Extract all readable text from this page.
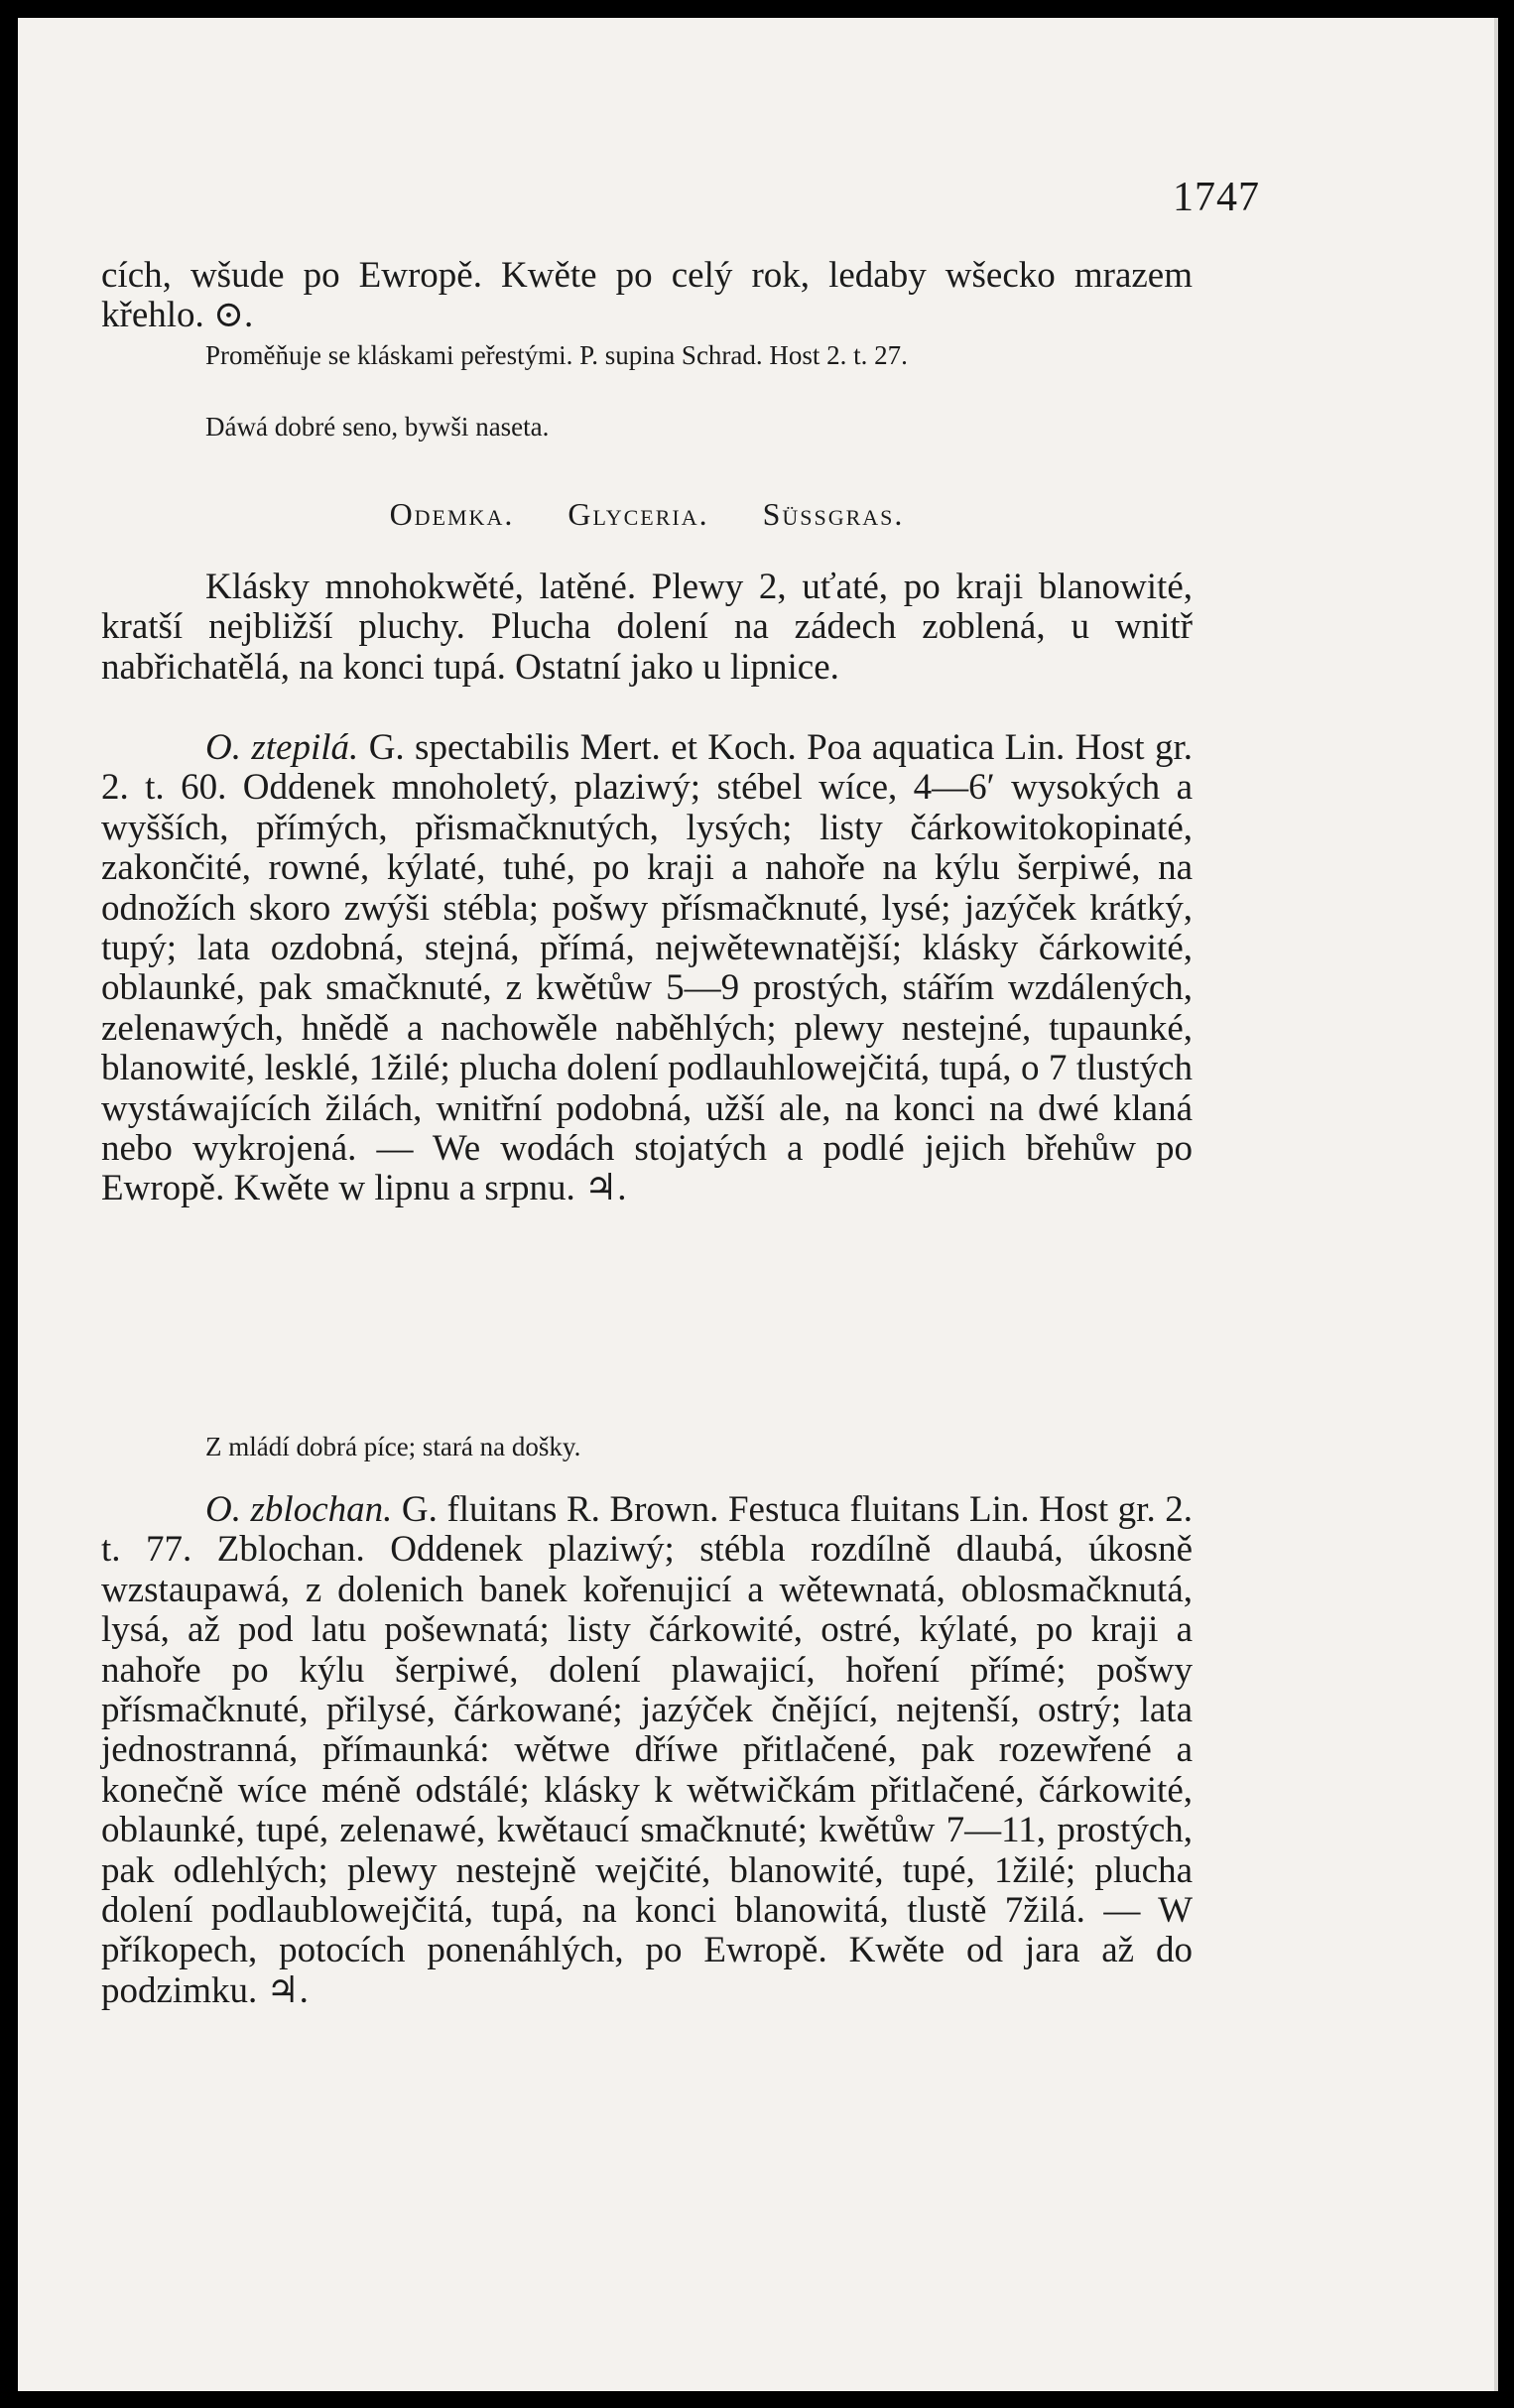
1747

cích, wšude po Ewropě. Kwěte po celý rok, ledaby wšecko mrazem křehlo. ⊙.

Proměňuje se kláskami peřestými. P. supina Schrad. Host 2. t. 27.

Dáwá dobré seno, bywši naseta.

Odemka. Glyceria. Süssgras.

Klásky mnohokwěté, latěné. Plewy 2, uťaté, po kraji blanowité, kratší nejbližší pluchy. Plucha dolení na zádech zoblená, u wnitř nabřichatělá, na konci tupá. Ostatní jako u lipnice.

O. ztepilá. G. spectabilis Mert. et Koch. Poa aquatica Lin. Host gr. 2. t. 60. Oddenek mnoholetý, plaziwý; stébel wíce, 4—6′ wysokých a wyšších, přímých, přismačknutých, lysých; listy čárkowitokopinaté, zakončité, rowné, kýlaté, tuhé, po kraji a nahoře na kýlu šerpiwé, na odnožích skoro zwýši stébla; pošwy přísmačknuté, lysé; jazýček krátký, tupý; lata ozdobná, stejná, přímá, nejwětewnatější; klásky čárkowité, oblaunké, pak smačknuté, z kwětůw 5—9 prostých, stářím wzdálených, zelenawých, hnědě a nachowěle naběhlých; plewy nestejné, tupaunké, blanowité, lesklé, 1žilé; plucha dolení podlauhlowejčitá, tupá, o 7 tlustých wystáwajících žilách, wnitřní podobná, užší ale, na konci na dwé klaná nebo wykrojená. — We wodách stojatých a podlé jejich břehůw po Ewropě. Kwěte w lipnu a srpnu. ♃.

Z mládí dobrá píce; stará na došky.

O. zblochan. G. fluitans R. Brown. Festuca fluitans Lin. Host gr. 2. t. 77. Zblochan. Oddenek plaziwý; stébla rozdílně dlaubá, úkosně wzstaupawá, z dolenich banek kořenujicí a wětewnatá, oblosmačknutá, lysá, až pod latu pošewnatá; listy čárkowité, ostré, kýlaté, po kraji a nahoře po kýlu šerpiwé, dolení plawajicí, hoření přímé; pošwy přísmačknuté, přilysé, čárkowané; jazýček čnějící, nejtenší, ostrý; lata jednostranná, přímaunká: wětwe dříwe přitlačené, pak rozewřené a konečně wíce méně odstálé; klásky k wětwičkám přitlačené, čárkowité, oblaunké, tupé, zelenawé, kwětaucí smačknuté; kwětůw 7—11, prostých, pak odlehlých; plewy nestejně wejčité, blanowité, tupé, 1žilé; plucha dolení podlaublowejčitá, tupá, na konci blanowitá, tlustě 7žilá. — W příkopech, potocích ponenáhlých, po Ewropě. Kwěte od jara až do podzimku. ♃.
